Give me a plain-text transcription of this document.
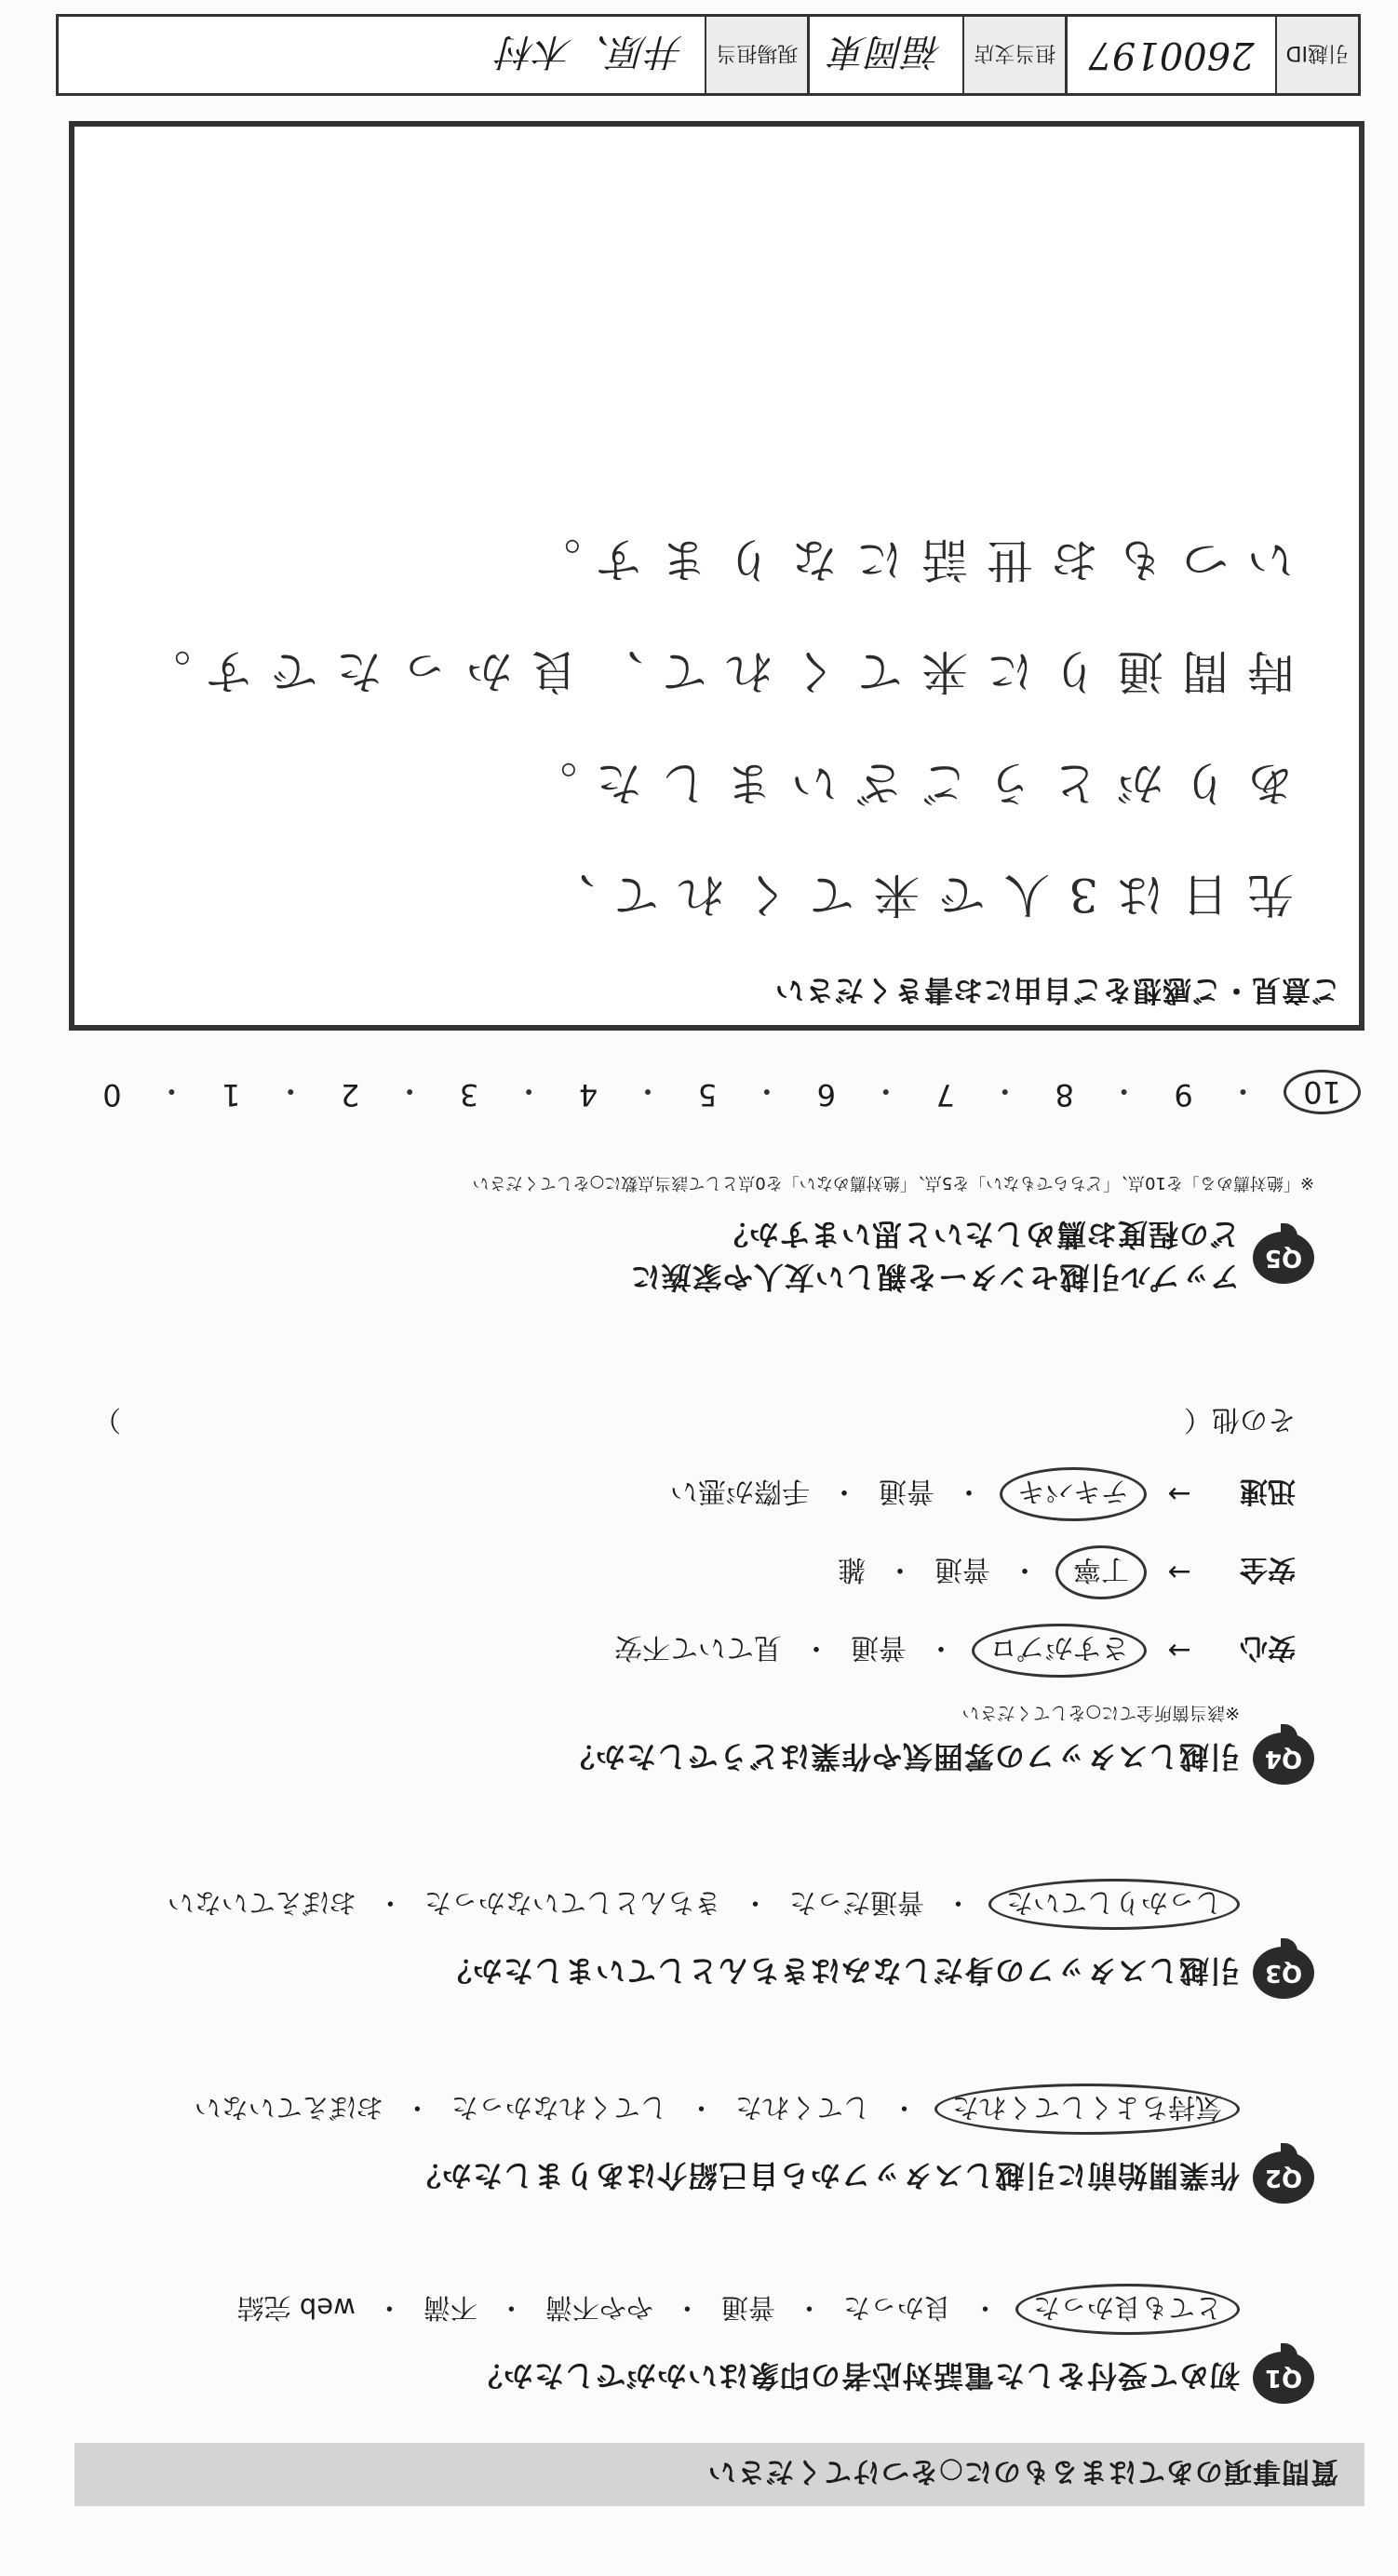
質問事項のあてはまるものに○をつけてください
Q1
初めて受付をした電話対応者の印象はいかがでしたか？
とても良かった
・
良かった
・
普通
・
やや不満
・
不満
・
web 完結
Q2
作業開始前に引越しスタッフから自己紹介はありましたか？
気持ちよくしてくれた
・
してくれた
・
してくれなかった
・
おぼえていない
Q3
引越しスタッフの身だしなみはきちんとしていましたか？
しっかりしていた
・
普通だった
・
きちんとしていなかった
・
おぼえていない
Q4
引越しスタッフの雰囲気や作業はどうでしたか？
※該当箇所全てに○をしてください
安心
→
さすがプロ
・
普通
・
見ていて不安
安全
→
丁寧
・
普通
・
雑
迅速
→
テキパキ
・
普通
・
手際が悪い
その他（
）
Q5
アップル引越センターを親しい友人や家族に
どの程度お薦めしたいと思いますか？
※「絶対薦める」を10点、「どちらでもない」を5点、「絶対薦めない」を0点として該当点数に○をしてください
10
・
9
・
8
・
7
・
6
・
5
・
4
・
3
・
2
・
1
・
0
ご意見・ご感想をご自由にお書きください
先日は3人で来てくれて、
ありがとうございました。
時間通りに来てくれて、良かったです。
いつもお世話になります。
引越ID
2600197
担当支店
福岡東
現場担当
井原、木村
